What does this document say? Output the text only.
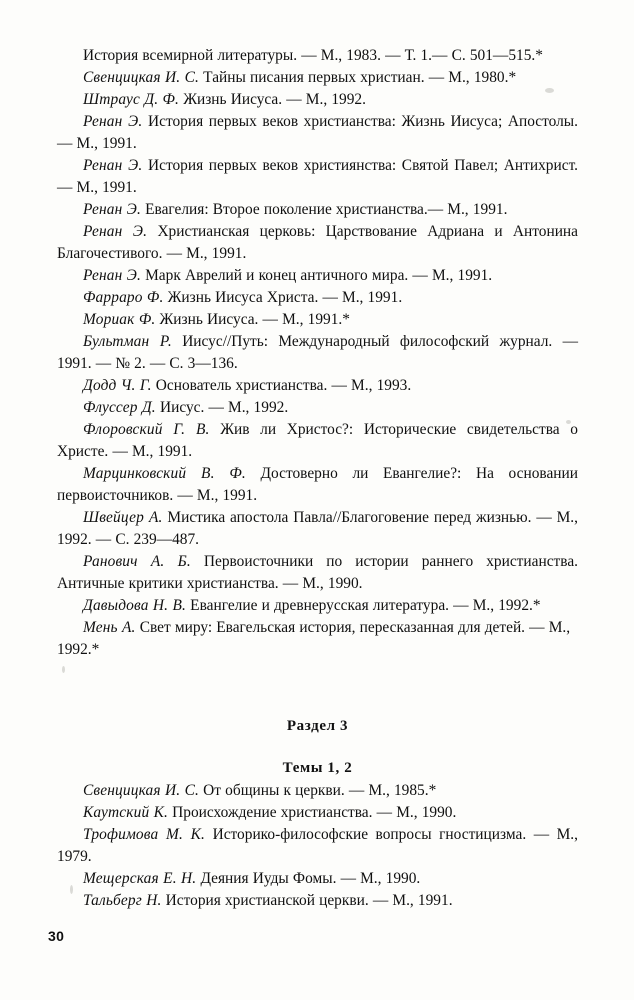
История всемирной литературы. — М., 1983. — Т. 1.— С. 501—515.*

Свенцицкая И. С. Тайны писания первых христиан. — М., 1980.*

Штраус Д. Ф. Жизнь Иисуса. — М., 1992.

Ренан Э. История первых веков христианства: Жизнь Иисуса; Апостолы. — М., 1991.

Ренан Э. История первых веков християнства: Святой Павел; Антихрист. — М., 1991.

Ренан Э. Евагелия: Второе поколение христианства.— М., 1991.

Ренан Э. Христианская церковь: Царствование Адриана и Антонина Благочестивого. — М., 1991.

Ренан Э. Марк Аврелий и конец античного мира. — М., 1991.

Фарраро Ф. Жизнь Иисуса Христа. — М., 1991.

Мориак Ф. Жизнь Иисуса. — М., 1991.*

Бультман Р. Иисус//Путь: Международный философский журнал. — 1991. — № 2. — С. 3—136.

Додд Ч. Г. Основатель христианства. — М., 1993.

Флуссер Д. Иисус. — М., 1992.

Флоровский Г. В. Жив ли Христос?: Исторические свидетельства о Христе. — М., 1991.

Марцинковский В. Ф. Достоверно ли Евангелие?: На основании первоисточников. — М., 1991.

Швейцер А. Мистика апостола Павла//Благоговение перед жизнью. — М., 1992. — С. 239—487.

Ранович А. Б. Первоисточники по истории раннего христианства. Античные критики христианства. — М., 1990.

Давыдова Н. В. Евангелие и древнерусская литература. — М., 1992.*

Мень А. Свет миру: Евагельская история, пересказанная для детей. — М., 1992.*

Раздел 3

Темы 1, 2

Свенцицкая И. С. От общины к церкви. — М., 1985.*

Каутский К. Происхождение христианства. — М., 1990.

Трофимова М. К. Историко-философские вопросы гностицизма. — М., 1979.

Мещерская Е. Н. Деяния Иуды Фомы. — М., 1990.

Тальберг Н. История христианской церкви. — М., 1991.

30
